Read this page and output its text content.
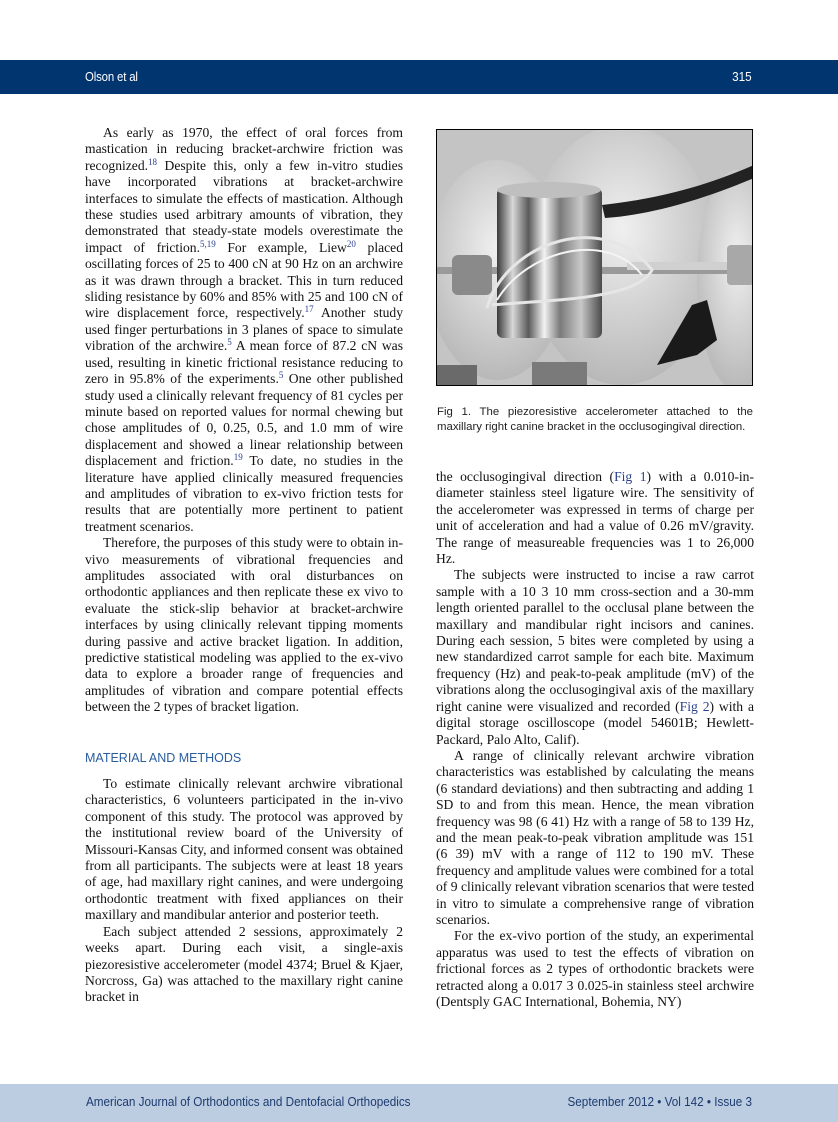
Olson et al	315

As early as 1970, the effect of oral forces from mastication in reducing bracket-archwire friction was recognized.$^{18}$ Despite this, only a few in-vitro studies have incorporated vibrations at bracket-archwire interfaces to simulate the effects of mastication. Although these studies used arbitrary amounts of vibration, they demonstrated that steady-state models overestimate the impact of friction.$^{5,19}$ For example, Liew$^{20}$ placed oscillating forces of 25 to 400 cN at 90 Hz on an archwire as it was drawn through a bracket. This in turn reduced sliding resistance by 60% and 85% with 25 and 100 cN of wire displacement force, respectively.$^{17}$ Another study used finger perturbations in 3 planes of space to simulate vibration of the archwire.$^5$ A mean force of 87.2 cN was used, resulting in kinetic frictional resistance reducing to zero in 95.8% of the experiments.$^5$ One other published study used a clinically relevant frequency of 81 cycles per minute based on reported values for normal chewing but chose amplitudes of 0, 0.25, 0.5, and 1.0 mm of wire displacement and showed a linear relationship between displacement and friction.$^{19}$ To date, no studies in the literature have applied clinically measured frequencies and amplitudes of vibration to ex-vivo friction tests for results that are potentially more pertinent to patient treatment scenarios.

Therefore, the purposes of this study were to obtain in-vivo measurements of vibrational frequencies and amplitudes associated with oral disturbances on orthodontic appliances and then replicate these ex vivo to evaluate the stick-slip behavior at bracket-archwire interfaces by using clinically relevant tipping moments during passive and active bracket ligation. In addition, predictive statistical modeling was applied to the ex-vivo data to explore a broader range of frequencies and amplitudes of vibration and compare potential effects between the 2 types of bracket ligation.

MATERIAL AND METHODS

To estimate clinically relevant archwire vibrational characteristics, 6 volunteers participated in the in-vivo component of this study. The protocol was approved by the institutional review board of the University of Missouri-Kansas City, and informed consent was obtained from all participants. The subjects were at least 18 years of age, had maxillary right canines, and were undergoing orthodontic treatment with fixed appliances on their maxillary and mandibular anterior and posterior teeth.

Each subject attended 2 sessions, approximately 2 weeks apart. During each visit, a single-axis piezoresistive accelerometer (model 4374; Bruel & Kjaer, Norcross, Ga) was attached to the maxillary right canine bracket in

Fig 1. The piezoresistive accelerometer attached to the maxillary right canine bracket in the occlusogingival direction.

the occlusogingival direction (Fig 1) with a 0.010-in-diameter stainless steel ligature wire. The sensitivity of the accelerometer was expressed in terms of charge per unit of acceleration and had a value of 0.26 mV/gravity. The range of measureable frequencies was 1 to 26,000 Hz.

The subjects were instructed to incise a raw carrot sample with a 10 3 10 mm cross-section and a 30-mm length oriented parallel to the occlusal plane between the maxillary and mandibular right incisors and canines. During each session, 5 bites were completed by using a new standardized carrot sample for each bite. Maximum frequency (Hz) and peak-to-peak amplitude (mV) of the vibrations along the occlusogingival axis of the maxillary right canine were visualized and recorded (Fig 2) with a digital storage oscilloscope (model 54601B; Hewlett-Packard, Palo Alto, Calif).

A range of clinically relevant archwire vibration characteristics was established by calculating the means (6 standard deviations) and then subtracting and adding 1 SD to and from this mean. Hence, the mean vibration frequency was 98 (6 41) Hz with a range of 58 to 139 Hz, and the mean peak-to-peak vibration amplitude was 151 (6 39) mV with a range of 112 to 190 mV. These frequency and amplitude values were combined for a total of 9 clinically relevant vibration scenarios that were tested in vitro to simulate a comprehensive range of vibration scenarios.

For the ex-vivo portion of the study, an experimental apparatus was used to test the effects of vibration on frictional forces as 2 types of orthodontic brackets were retracted along a 0.017 3 0.025-in stainless steel archwire (Dentsply GAC International, Bohemia, NY)

American Journal of Orthodontics and Dentofacial Orthopedics	September 2012 • Vol 142 • Issue 3
